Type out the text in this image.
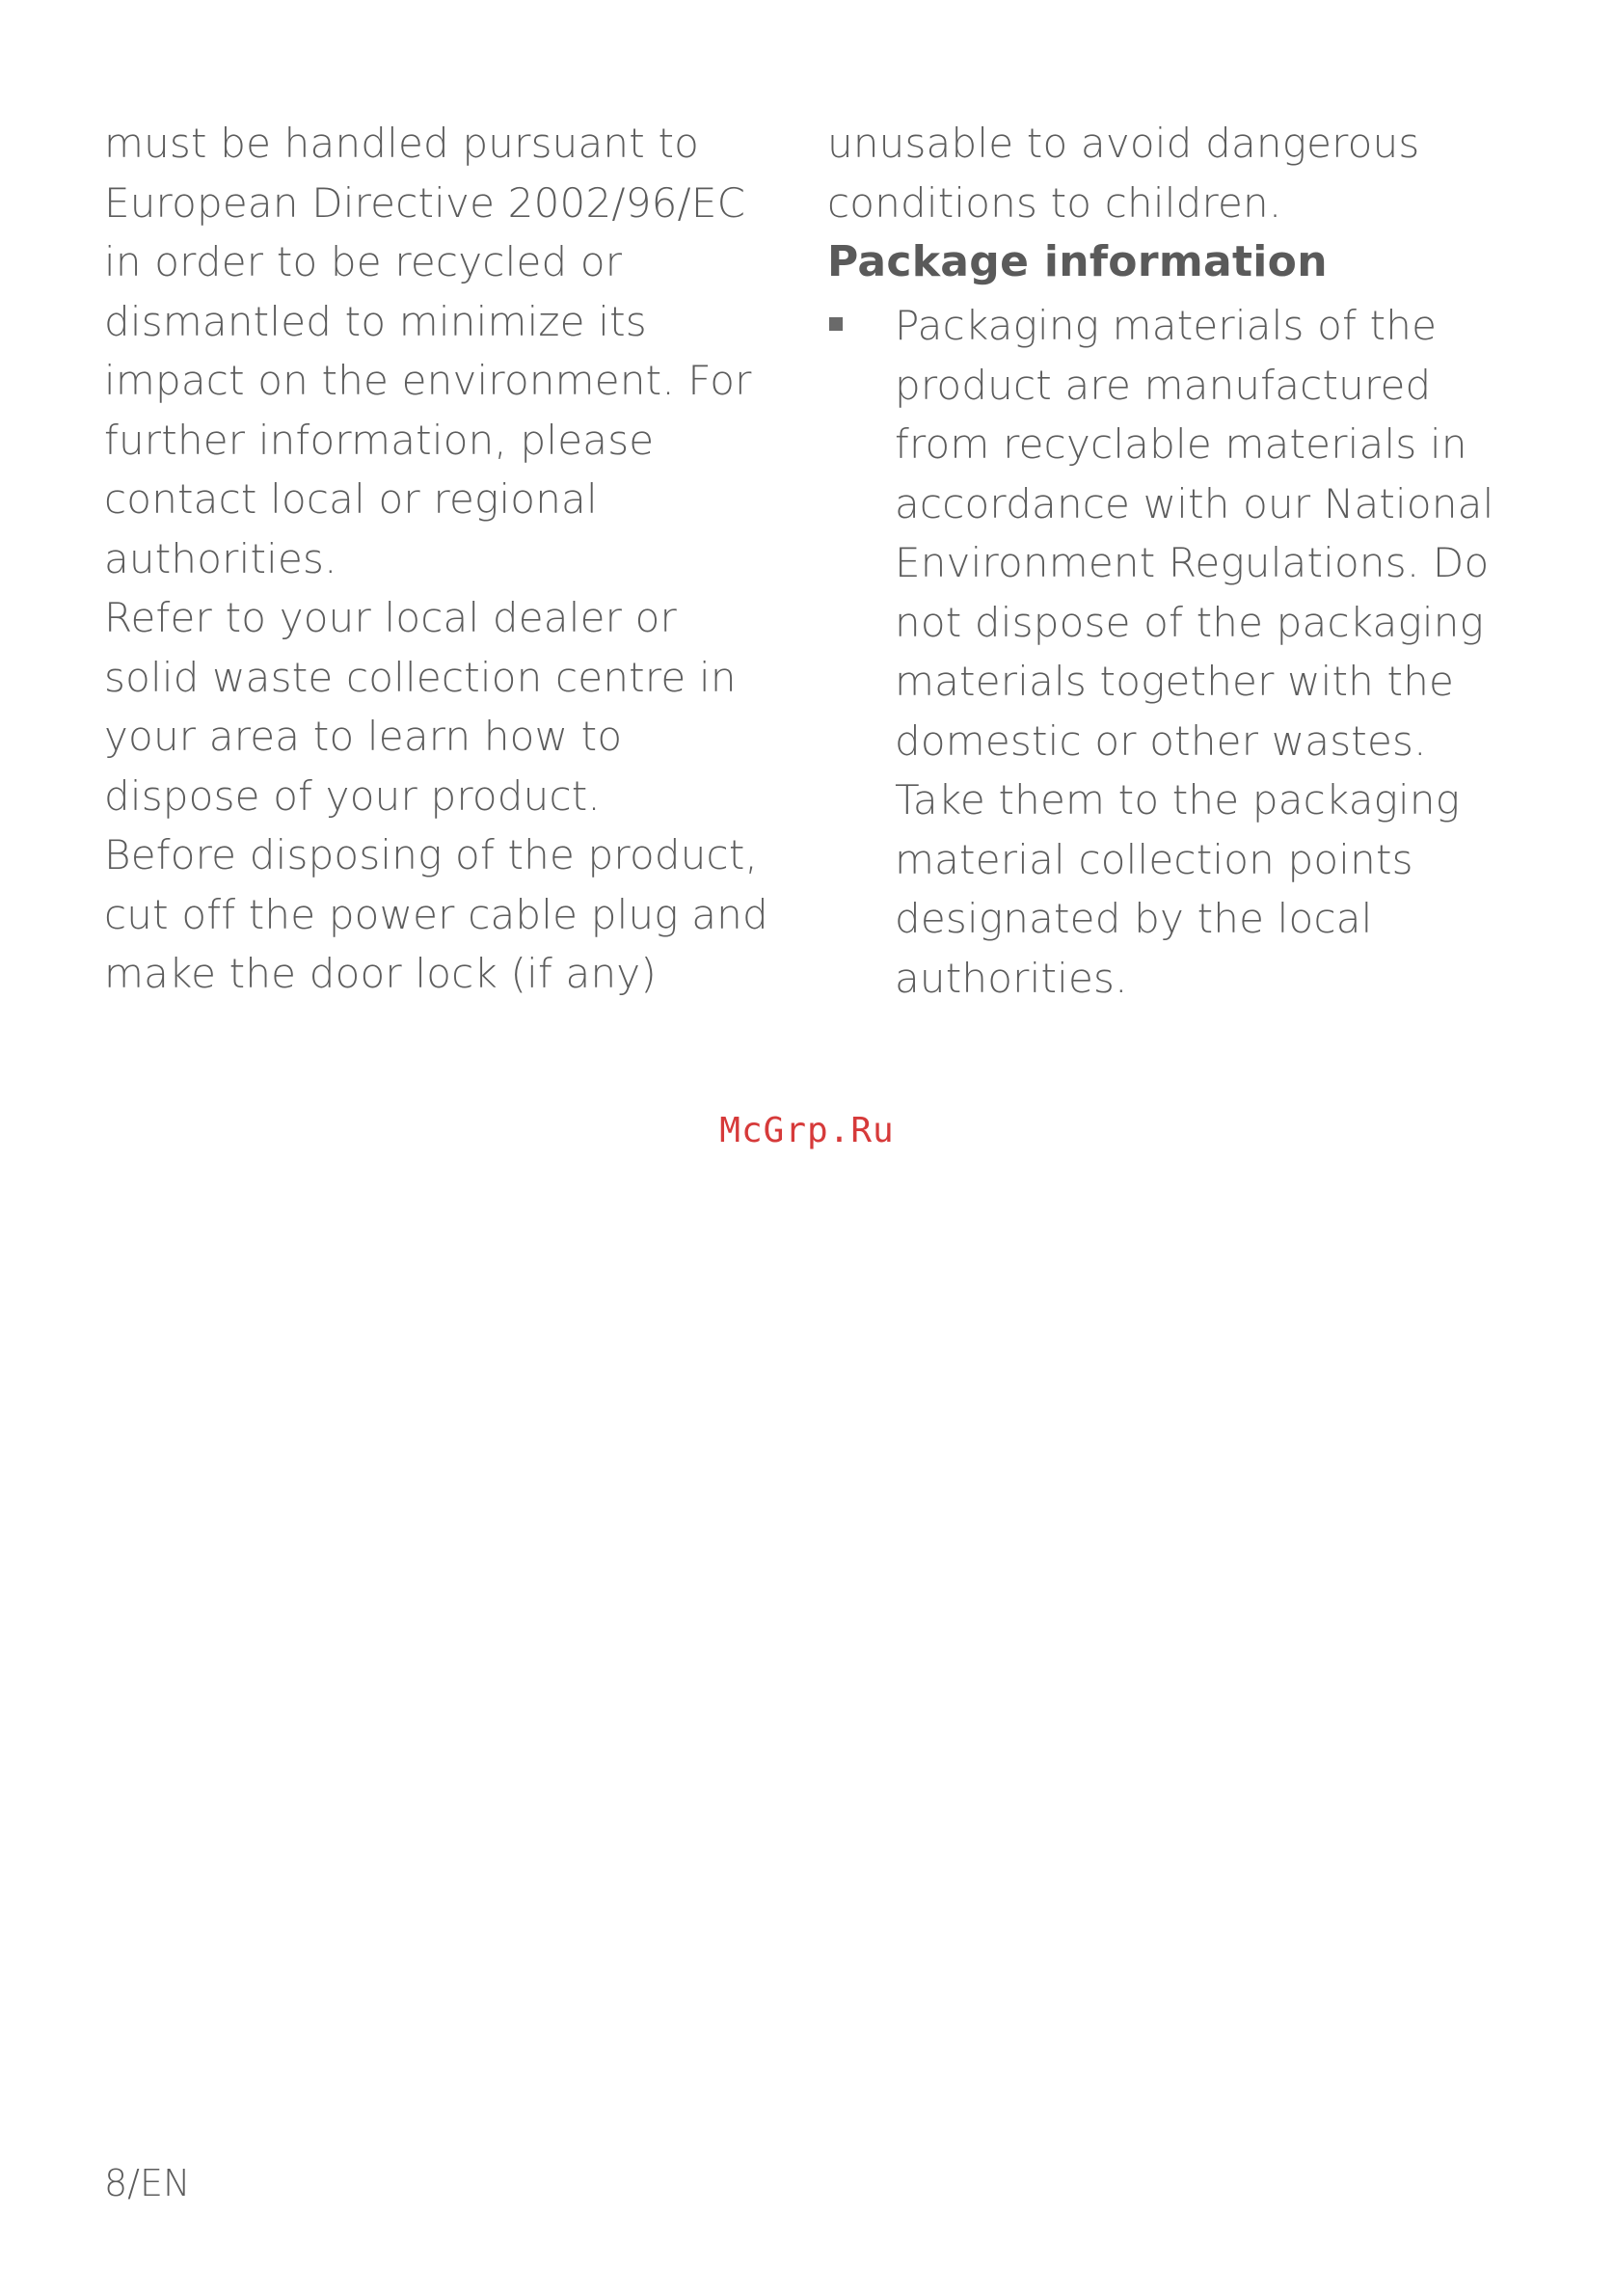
must be handled pursuant to European Directive 2002/96/EC in order to be recycled or dismantled to minimize its impact on the environment. For further information, please contact local or regional authorities.

Refer to your local dealer or solid waste collection centre in your area to learn how to dispose of your product.

Before disposing of the product, cut off the power cable plug and make the door lock (if any)

unusable to avoid dangerous conditions to children.

Package information

Packaging materials of the product are manufactured from recyclable materials in accordance with our National Environment Regulations. Do not dispose of the packaging materials together with the domestic or other wastes. Take them to the packaging material collection points designated by the local authorities.

McGrp.Ru
8/EN
